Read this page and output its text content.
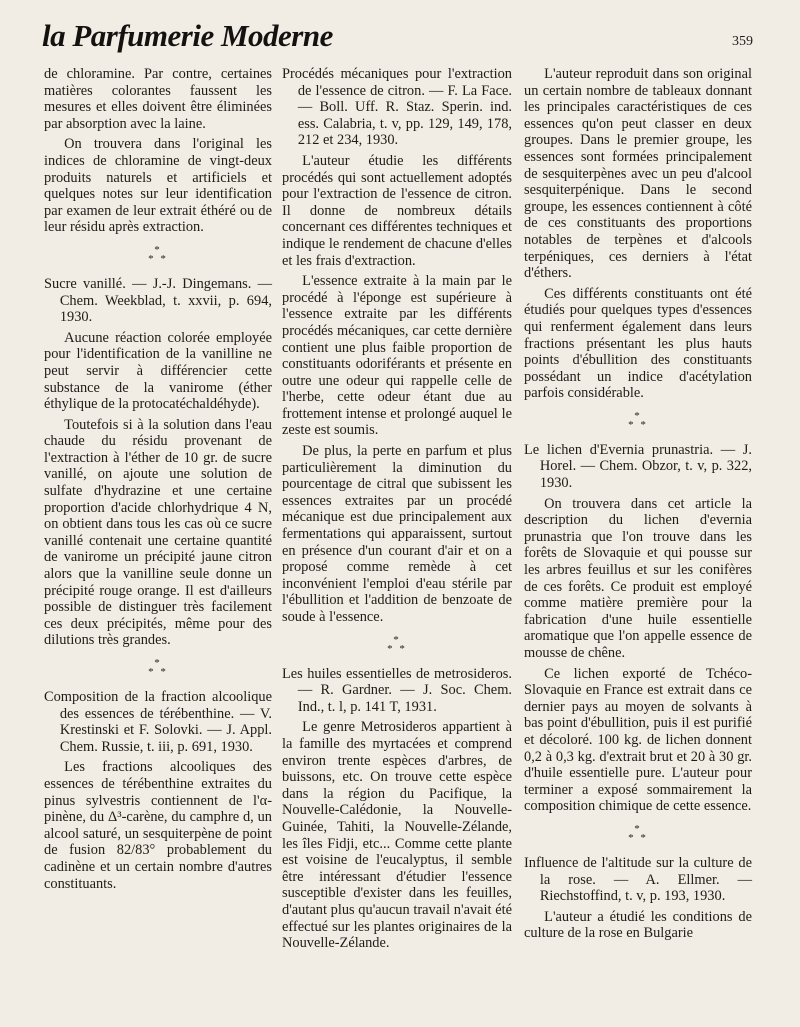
la Parfumerie Moderne	359

de chloramine. Par contre, certaines matières colorantes faussent les mesures et elles doivent être éliminées par absorption avec la laine.

On trouvera dans l'original les indices de chloramine de vingt-deux produits naturels et artificiels et quelques notes sur leur identification par examen de leur extrait éthéré ou de leur résidu après extraction.

*
* *

Sucre vanillé. — J.-J. Dingemans. — Chem. Weekblad, t. xxvii, p. 694, 1930.

Aucune réaction colorée employée pour l'identification de la vanilline ne peut servir à différencier cette substance de la vanirome (éther éthylique de la protocatéchaldéhyde).

Toutefois si à la solution dans l'eau chaude du résidu provenant de l'extraction à l'éther de 10 gr. de sucre vanillé, on ajoute une solution de sulfate d'hydrazine et une certaine proportion d'acide chlorhydrique 4 N, on obtient dans tous les cas où ce sucre vanillé contenait une certaine quantité de vanirome un précipité jaune citron alors que la vanilline seule donne un précipité rouge orange. Il est d'ailleurs possible de distinguer très facilement ces deux précipités, même pour des dilutions très grandes.

*
* *

Composition de la fraction alcoolique des essences de térébenthine. — V. Krestinski et F. Solovki. — J. Appl. Chem. Russie, t. iii, p. 691, 1930.

Les fractions alcooliques des essences de térébenthine extraites du pinus sylvestris contiennent de l'α-pinène, du Δ³-carène, du camphre d, un alcool saturé, un sesquiterpène de point de fusion 82/83° probablement du cadinène et un certain nombre d'autres constituants.

Procédés mécaniques pour l'extraction de l'essence de citron. — F. La Face. — Boll. Uff. R. Staz. Sperin. ind. ess. Calabria, t. v, pp. 129, 149, 178, 212 et 234, 1930.

L'auteur étudie les différents procédés qui sont actuellement adoptés pour l'extraction de l'essence de citron. Il donne de nombreux détails concernant ces différentes techniques et indique le rendement de chacune d'elles et les frais d'extraction.

L'essence extraite à la main par le procédé à l'éponge est supérieure à l'essence extraite par les différents procédés mécaniques, car cette dernière contient une plus faible proportion de constituants odoriférants et présente en outre une odeur qui rappelle celle de l'herbe, cette odeur étant due au frottement intense et prolongé auquel le zeste est soumis.

De plus, la perte en parfum et plus particulièrement la diminution du pourcentage de citral que subissent les essences extraites par un procédé mécanique est due principalement aux fermentations qui apparaissent, surtout en présence d'un courant d'air et on a proposé comme remède à cet inconvénient l'emploi d'eau stérile par l'ébullition et l'addition de benzoate de soude à l'essence.

*
* *

Les huiles essentielles de metrosideros. — R. Gardner. — J. Soc. Chem. Ind., t. l, p. 141 T, 1931.

Le genre Metrosideros appartient à la famille des myrtacées et comprend environ trente espèces d'arbres, de buissons, etc. On trouve cette espèce dans la région du Pacifique, la Nouvelle-Calédonie, la Nouvelle-Guinée, Tahiti, la Nouvelle-Zélande, les îles Fidji, etc... Comme cette plante est voisine de l'eucalyptus, il semble être intéressant d'étudier l'essence susceptible d'exister dans les feuilles, d'autant plus qu'aucun travail n'avait été effectué sur les plantes originaires de la Nouvelle-Zélande.

L'auteur reproduit dans son original un certain nombre de tableaux donnant les principales caractéristiques de ces essences qu'on peut classer en deux groupes. Dans le premier groupe, les essences sont formées principalement de sesquiterpènes avec un peu d'alcool sesquiterpénique. Dans le second groupe, les essences contiennent à côté de ces constituants des proportions notables de terpènes et d'alcools terpéniques, ces derniers à l'état d'éthers.

Ces différents constituants ont été étudiés pour quelques types d'essences qui renferment également dans leurs fractions présentant les plus hauts points d'ébullition des constituants possédant un indice d'acétylation parfois considérable.

*
* *

Le lichen d'Evernia prunastria. — J. Horel. — Chem. Obzor, t. v, p. 322, 1930.

On trouvera dans cet article la description du lichen d'evernia prunastria que l'on trouve dans les forêts de Slovaquie et qui pousse sur les arbres feuillus et sur les conifères de ces forêts. Ce produit est employé comme matière première pour la fabrication d'une huile essentielle aromatique que l'on appelle essence de mousse de chêne.

Ce lichen exporté de Tchéco-Slovaquie en France est extrait dans ce dernier pays au moyen de solvants à bas point d'ébullition, puis il est purifié et décoloré. 100 kg. de lichen donnent 0,2 à 0,3 kg. d'extrait brut et 20 à 30 gr. d'huile essentielle pure. L'auteur pour terminer a exposé sommairement la composition chimique de cette essence.

*
* *

Influence de l'altitude sur la culture de la rose. — A. Ellmer. — Riechstoffind, t. v, p. 193, 1930.

L'auteur a étudié les conditions de culture de la rose en Bulgarie
